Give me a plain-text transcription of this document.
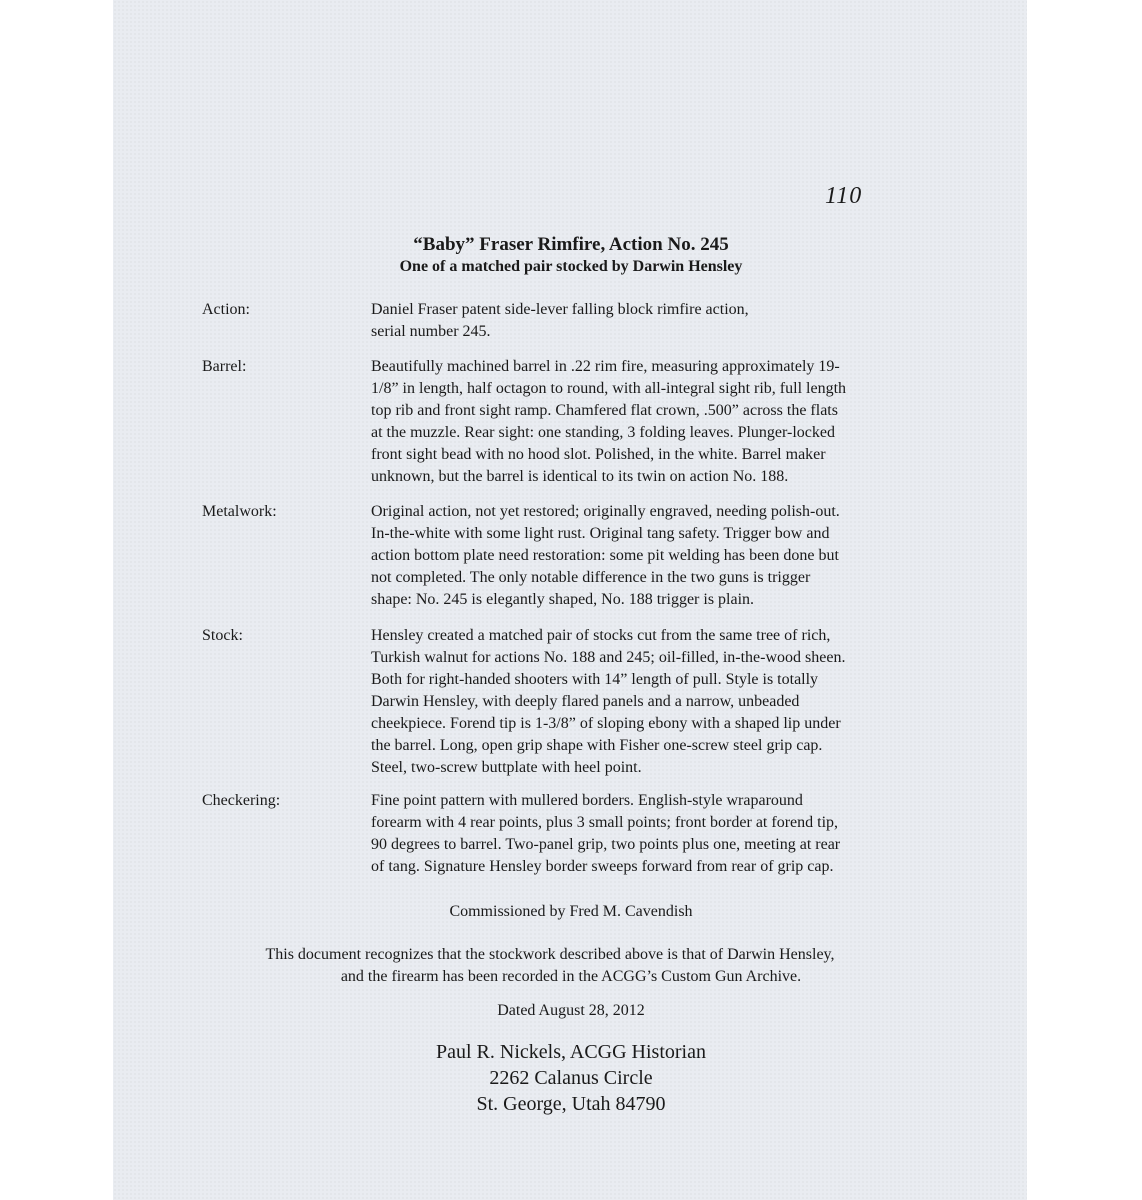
110
“Baby” Fraser Rimfire, Action No. 245
One of a matched pair stocked by Darwin Hensley
Action:	Daniel Fraser patent side-lever falling block rimfire action,
serial number 245.
Barrel:	Beautifully machined barrel in .22 rim fire, measuring approximately 19-
1/8” in length, half octagon to round, with all-integral sight rib, full length
top rib and front sight ramp. Chamfered flat crown, .500” across the flats
at the muzzle. Rear sight: one standing, 3 folding leaves. Plunger-locked
front sight bead with no hood slot. Polished, in the white. Barrel maker
unknown, but the barrel is identical to its twin on action No. 188.
Metalwork:	Original action, not yet restored; originally engraved, needing polish-out.
In-the-white with some light rust. Original tang safety. Trigger bow and
action bottom plate need restoration: some pit welding has been done but
not completed. The only notable difference in the two guns is trigger
shape: No. 245 is elegantly shaped, No. 188 trigger is plain.
Stock:	Hensley created a matched pair of stocks cut from the same tree of rich,
Turkish walnut for actions No. 188 and 245; oil-filled, in-the-wood sheen.
Both for right-handed shooters with 14” length of pull. Style is totally
Darwin Hensley, with deeply flared panels and a narrow, unbeaded
cheekpiece. Forend tip is 1-3/8” of sloping ebony with a shaped lip under
the barrel. Long, open grip shape with Fisher one-screw steel grip cap.
Steel, two-screw buttplate with heel point.
Checkering:	Fine point pattern with mullered borders. English-style wraparound
forearm with 4 rear points, plus 3 small points; front border at forend tip,
90 degrees to barrel. Two-panel grip, two points plus one, meeting at rear
of tang. Signature Hensley border sweeps forward from rear of grip cap.
Commissioned by Fred M. Cavendish
This document recognizes that the stockwork described above is that of Darwin Hensley,
and the firearm has been recorded in the ACGG’s Custom Gun Archive.
Dated August 28, 2012
Paul R. Nickels, ACGG Historian
2262 Calanus Circle
St. George, Utah 84790
